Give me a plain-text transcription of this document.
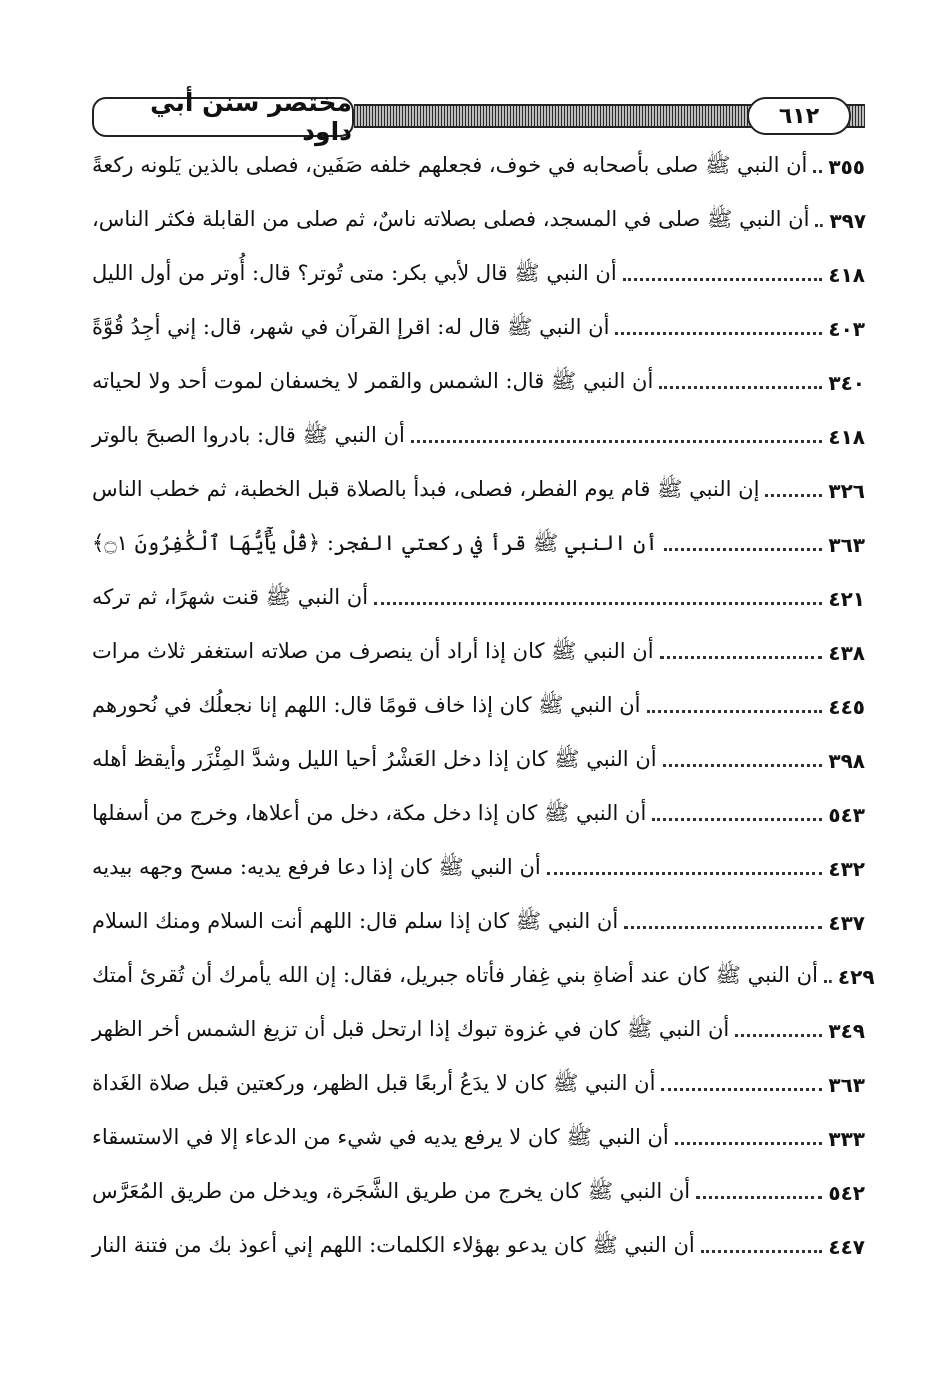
مختصر سنن أبي داود
٦١٢
أن النبي ﷺ صلى بأصحابه في خوف، فجعلهم خلفه صَفَين، فصلى بالذين يَلونه ركعةً ٣٥٥
أن النبي ﷺ صلى في المسجد، فصلى بصلاته ناسٌ، ثم صلى من القابلة فكثر الناس، ٣٩٧
أن النبي ﷺ قال لأبي بكر: متى تُوتر؟ قال: أُوتر من أول الليل	٤١٨
أن النبي ﷺ قال له: اقرإ القرآن في شهر، قال: إني أجِدُ قُوَّةً	٤٠٣
أن النبي ﷺ قال: الشمس والقمر لا يخسفان لموت أحد ولا لحياته	٣٤٠
أن النبي ﷺ قال: بادروا الصبحَ بالوتر	٤١٨
إن النبي ﷺ قام يوم الفطر، فصلى، فبدأ بالصلاة قبل الخطبة، ثم خطب الناس	٣٢٦
أن النبي ﷺ قرأ في ركعتي الفجر: ﴿قُلْ يَٰٓأَيُّهَا ٱلْكَٰفِرُونَ ۝١﴾	٣٦٣
أن النبي ﷺ قنت شهرًا، ثم تركه	٤٢١
أن النبي ﷺ كان إذا أراد أن ينصرف من صلاته استغفر ثلاث مرات	٤٣٨
أن النبي ﷺ كان إذا خاف قومًا قال: اللهم إنا نجعلُك في نُحورهم	٤٤٥
أن النبي ﷺ كان إذا دخل العَشْرُ أحيا الليل وشدَّ المِئْزَر وأيقظ أهله	٣٩٨
أن النبي ﷺ كان إذا دخل مكة، دخل من أعلاها، وخرج من أسفلها	٥٤٣
أن النبي ﷺ كان إذا دعا فرفع يديه: مسح وجهه بيديه	٤٣٢
أن النبي ﷺ كان إذا سلم قال: اللهم أنت السلام ومنك السلام	٤٣٧
أن النبي ﷺ كان عند أضاةِ بني غِفار فأتاه جبريل، فقال: إن الله يأمرك أن تُقرئ أمتك ٤٢٩
أن النبي ﷺ كان في غزوة تبوك إذا ارتحل قبل أن تزيغ الشمس أخر الظهر	٣٤٩
أن النبي ﷺ كان لا يدَعُ أربعًا قبل الظهر، وركعتين قبل صلاة الغَداة	٣٦٣
أن النبي ﷺ كان لا يرفع يديه في شيء من الدعاء إلا في الاستسقاء	٣٣٣
أن النبي ﷺ كان يخرج من طريق الشَّجَرة، ويدخل من طريق المُعَرَّس	٥٤٢
أن النبي ﷺ كان يدعو بهؤلاء الكلمات: اللهم إني أعوذ بك من فتنة النار	٤٤٧
